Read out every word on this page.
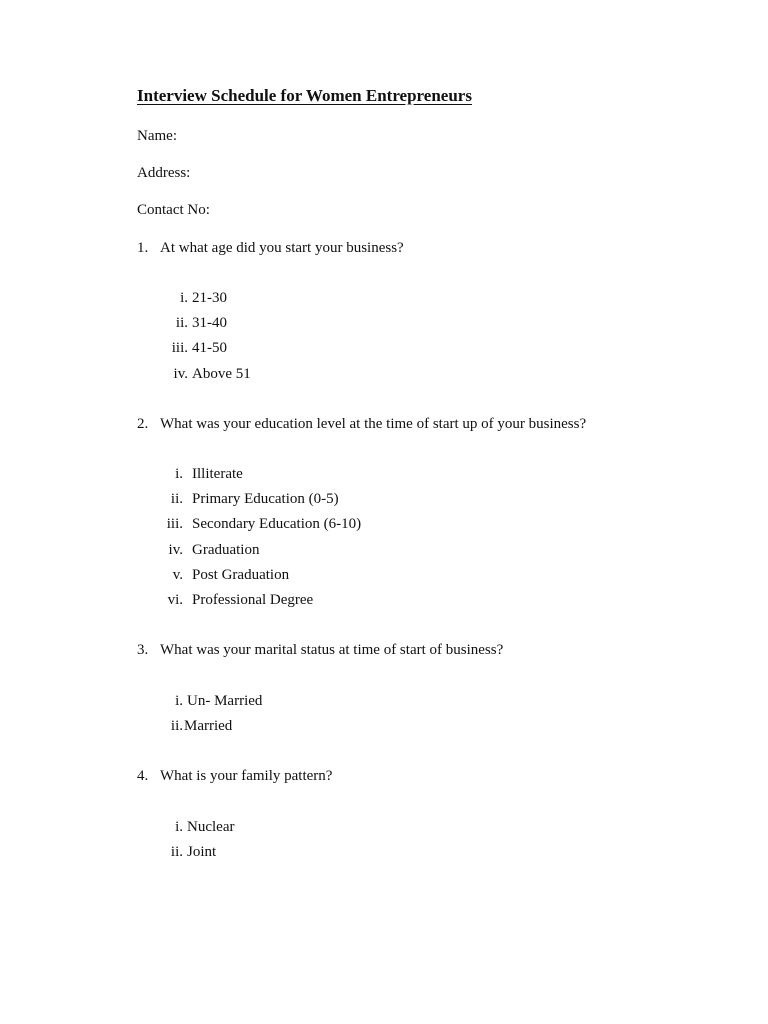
Interview Schedule for Women Entrepreneurs
Name:
Address:
Contact No:
1. At what age did you start your business?
i. 21-30
ii. 31-40
iii. 41-50
iv. Above 51
2. What was your education level at the time of start up of your business?
i. Illiterate
ii. Primary Education (0-5)
iii. Secondary Education (6-10)
iv. Graduation
v. Post Graduation
vi. Professional Degree
3. What was your marital status at time of start of business?
i. Un- Married
ii. Married
4. What is your family pattern?
i. Nuclear
ii. Joint
